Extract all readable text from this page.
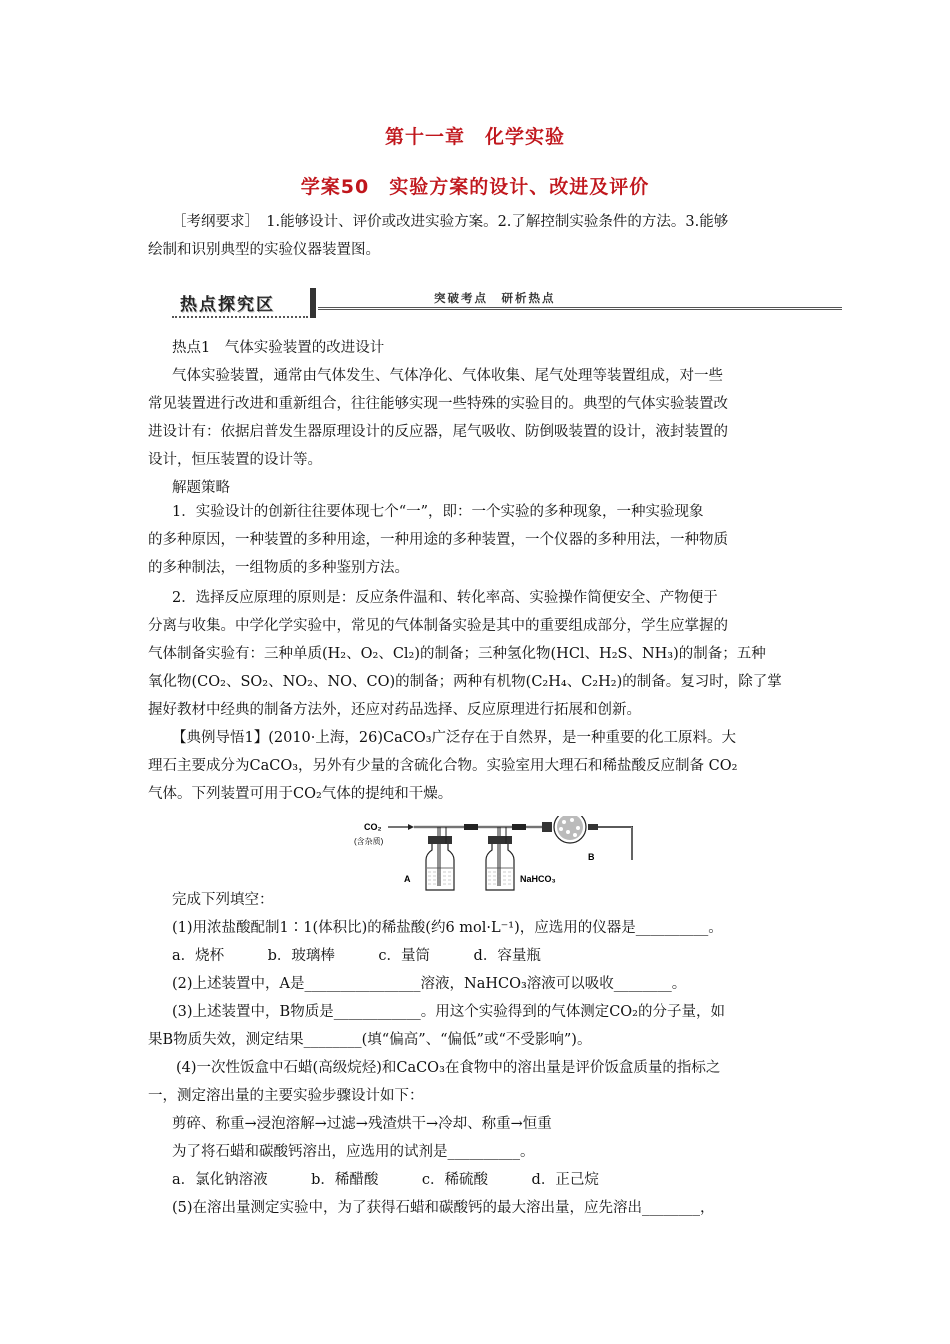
第十一章　化学实验
学案50　实验方案的设计、改进及评价
［考纲要求］　1.能够设计、评价或改进实验方案。2.了解控制实验条件的方法。3.能够
绘制和识别典型的实验仪器装置图。
热点探究区	突破考点　研析热点
热点1　气体实验装置的改进设计
气体实验装置，通常由气体发生、气体净化、气体收集、尾气处理等装置组成，对一些
常见装置进行改进和重新组合，往往能够实现一些特殊的实验目的。典型的气体实验装置改
进设计有：依据启普发生器原理设计的反应器，尾气吸收、防倒吸装置的设计，液封装置的
设计，恒压装置的设计等。
解题策略
1．实验设计的创新往往要体现七个“一”，即：一个实验的多种现象，一种实验现象
的多种原因，一种装置的多种用途，一种用途的多种装置，一个仪器的多种用法，一种物质
的多种制法，一组物质的多种鉴别方法。
2．选择反应原理的原则是：反应条件温和、转化率高、实验操作简便安全、产物便于
分离与收集。中学化学实验中，常见的气体制备实验是其中的重要组成部分，学生应掌握的
气体制备实验有：三种单质(H₂、O₂、Cl₂)的制备；三种氢化物(HCl、H₂S、NH₃)的制备；五种
氧化物(CO₂、SO₂、NO₂、NO、CO)的制备；两种有机物(C₂H₄、C₂H₂)的制备。复习时，除了掌
握好教材中经典的制备方法外，还应对药品选择、反应原理进行拓展和创新。
【典例导悟1】(2010·上海，26)CaCO₃广泛存在于自然界，是一种重要的化工原料。大
理石主要成分为CaCO₃，另外有少量的含硫化合物。实验室用大理石和稀盐酸反应制备 CO₂
气体。下列装置可用于CO₂气体的提纯和干燥。
CO₂
(含杂质)
A	NaHCO₃
B
完成下列填空：
(1)用浓盐酸配制1∶1(体积比)的稀盐酸(约6 mol·L⁻¹)，应选用的仪器是__________。
a．烧杯　　　b．玻璃棒　　　c．量筒　　　d．容量瓶
(2)上述装置中，A是________________溶液，NaHCO₃溶液可以吸收________。
(3)上述装置中，B物质是____________。用这个实验得到的气体测定CO₂的分子量，如
果B物质失效，测定结果________(填“偏高”、“偏低”或“不受影响”)。
(4)一次性饭盒中石蜡(高级烷烃)和CaCO₃在食物中的溶出量是评价饭盒质量的指标之
一，测定溶出量的主要实验步骤设计如下：
剪碎、称重→浸泡溶解→过滤→残渣烘干→冷却、称重→恒重
为了将石蜡和碳酸钙溶出，应选用的试剂是__________。
a．氯化钠溶液　　　b．稀醋酸　　　c．稀硫酸　　　d．正己烷
(5)在溶出量测定实验中，为了获得石蜡和碳酸钙的最大溶出量，应先溶出________，
